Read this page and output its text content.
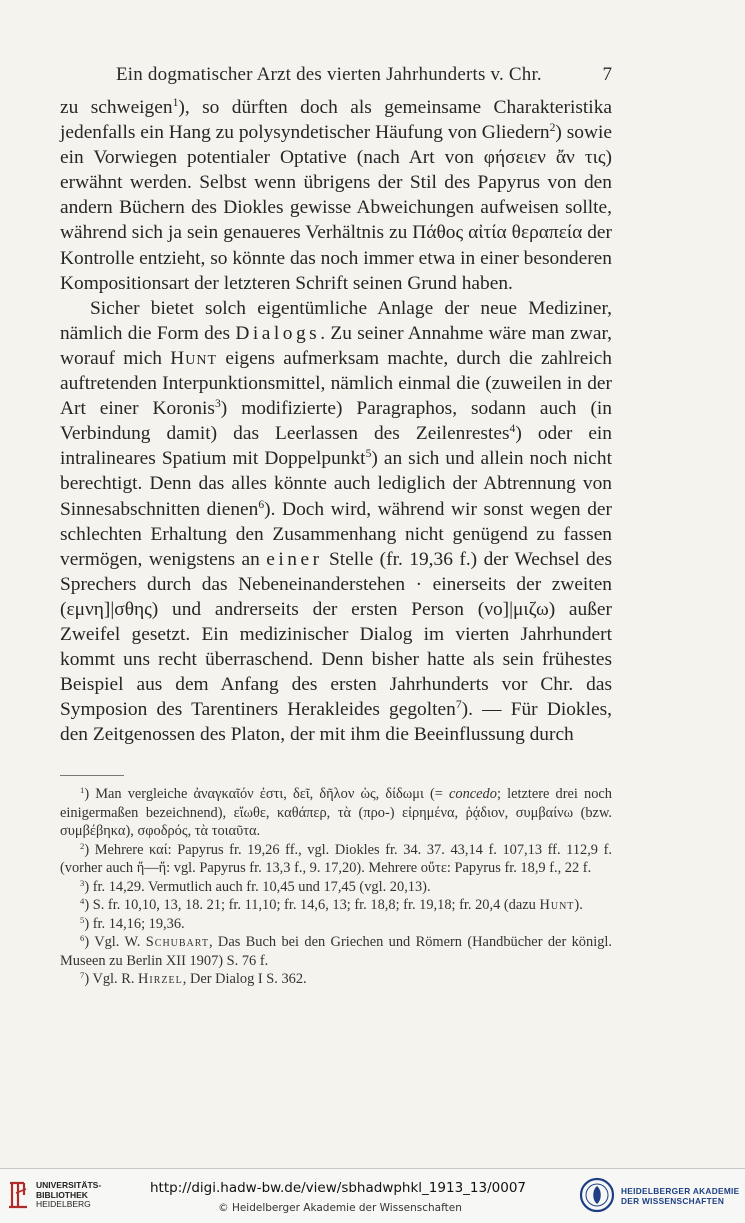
Ein dogmatischer Arzt des vierten Jahrhunderts v. Chr.	7

zu schweigen$^1$), so dürften doch als gemeinsame Charakteristika jedenfalls ein Hang zu polysyndetischer Häufung von Gliedern$^2$) sowie ein Vorwiegen potentialer Optative (nach Art von φήσειεν ἄν τις) erwähnt werden. Selbst wenn übrigens der Stil des Papyrus von den andern Büchern des Diokles gewisse Abweichungen aufweisen sollte, während sich ja sein genaueres Verhältnis zu Πάθος αἰτία θεραπεία der Kontrolle entzieht, so könnte das noch immer etwa in einer besonderen Kompositionsart der letzteren Schrift seinen Grund haben.

Sicher bietet solch eigentümliche Anlage der neue Mediziner, nämlich die Form des Dialogs. Zu seiner Annahme wäre man zwar, worauf mich Hunt eigens aufmerksam machte, durch die zahlreich auftretenden Interpunktionsmittel, nämlich einmal die (zuweilen in der Art einer Koronis$^3$) modifizierte) Paragraphos, sodann auch (in Verbindung damit) das Leerlassen des Zeilenrestes$^4$) oder ein intralineares Spatium mit Doppelpunkt$^5$) an sich und allein noch nicht berechtigt. Denn das alles könnte auch lediglich der Abtrennung von Sinnesabschnitten dienen$^6$). Doch wird, während wir sonst wegen der schlechten Erhaltung den Zusammenhang nicht genügend zu fassen vermögen, wenigstens an einer Stelle (fr. 19,36 f.) der Wechsel des Sprechers durch das Nebeneinanderstehen · einerseits der zweiten (εμνη]|σθης) und andrerseits der ersten Person (νο]|μιζω) außer Zweifel gesetzt. Ein medizinischer Dialog im vierten Jahrhundert kommt uns recht überraschend. Denn bisher hatte als sein frühestes Beispiel aus dem Anfang des ersten Jahrhunderts vor Chr. das Symposion des Tarentiners Herakleides gegolten$^7$). — Für Diokles, den Zeitgenossen des Platon, der mit ihm die Beeinflussung durch

$^1$) Man vergleiche ἀναγκαῖόν ἐστι, δεῖ, δῆλον ὡς, δίδωμι (= concedo; letztere drei noch einigermaßen bezeichnend), εἴωθε, καθάπερ, τὰ (προ-) εἰρημένα, ῥᾴδιον, συμβαίνω (bzw. συμβέβηκα), σφοδρός, τὰ τοιαῦτα.

$^2$) Mehrere καί: Papyrus fr. 19,26 ff., vgl. Diokles fr. 34. 37. 43,14 f. 107,13 ff. 112,9 f. (vorher auch ἤ—ἤ: vgl. Papyrus fr. 13,3 f., 9. 17,20). Mehrere οὔτε: Papyrus fr. 18,9 f., 22 f.

$^3$) fr. 14,29. Vermutlich auch fr. 10,45 und 17,45 (vgl. 20,13).

$^4$) S. fr. 10,10, 13, 18. 21; fr. 11,10; fr. 14,6, 13; fr. 18,8; fr. 19,18; fr. 20,4 (dazu Hunt).

$^5$) fr. 14,16; 19,36.

$^6$) Vgl. W. Schubart, Das Buch bei den Griechen und Römern (Handbücher der königl. Museen zu Berlin XII 1907) S. 76 f.

$^7$) Vgl. R. Hirzel, Der Dialog I S. 362.

UNIVERSITÄTS-
BIBLIOTHEK
HEIDELBERG
http://digi.hadw-bw.de/view/sbhadwphkl_1913_13/0007
© Heidelberger Akademie der Wissenschaften
HEIDELBERGER AKADEMIE
DER WISSENSCHAFTEN
